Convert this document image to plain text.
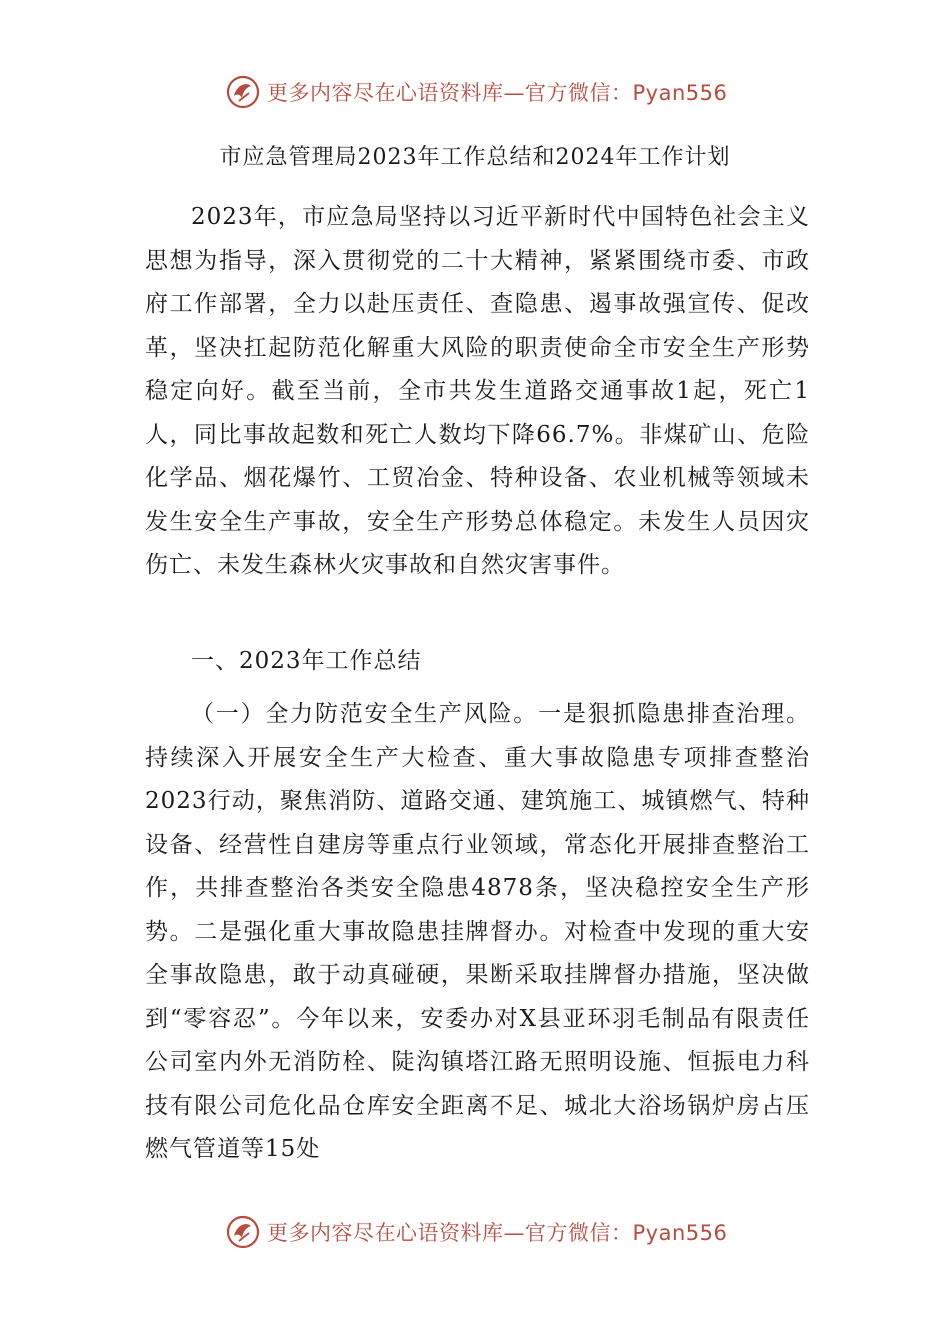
更多内容尽在心语资料库—官方微信：Pyan556
市应急管理局2023年工作总结和2024年工作计划

2023年，市应急局坚持以习近平新时代中国特色社会主义思想为指导，深入贯彻党的二十大精神，紧紧围绕市委、市政府工作部署，全力以赴压责任、查隐患、遏事故强宣传、促改革，坚决扛起防范化解重大风险的职责使命全市安全生产形势稳定向好。截至当前，全市共发生道路交通事故1起，死亡1人，同比事故起数和死亡人数均下降66.7%。非煤矿山、危险化学品、烟花爆竹、工贸冶金、特种设备、农业机械等领域未发生安全生产事故，安全生产形势总体稳定。未发生人员因灾伤亡、未发生森林火灾事故和自然灾害事件。

一、2023年工作总结

（一）全力防范安全生产风险。一是狠抓隐患排查治理。持续深入开展安全生产大检查、重大事故隐患专项排查整治2023行动，聚焦消防、道路交通、建筑施工、城镇燃气、特种设备、经营性自建房等重点行业领域，常态化开展排查整治工作，共排查整治各类安全隐患4878条，坚决稳控安全生产形势。二是强化重大事故隐患挂牌督办。对检查中发现的重大安全事故隐患，敢于动真碰硬，果断采取挂牌督办措施，坚决做到“零容忍”。今年以来，安委办对X县亚环羽毛制品有限责任公司室内外无消防栓、陡沟镇塔江路无照明设施、恒振电力科技有限公司危化品仓库安全距离不足、城北大浴场锅炉房占压燃气管道等15处

更多内容尽在心语资料库—官方微信：Pyan556
